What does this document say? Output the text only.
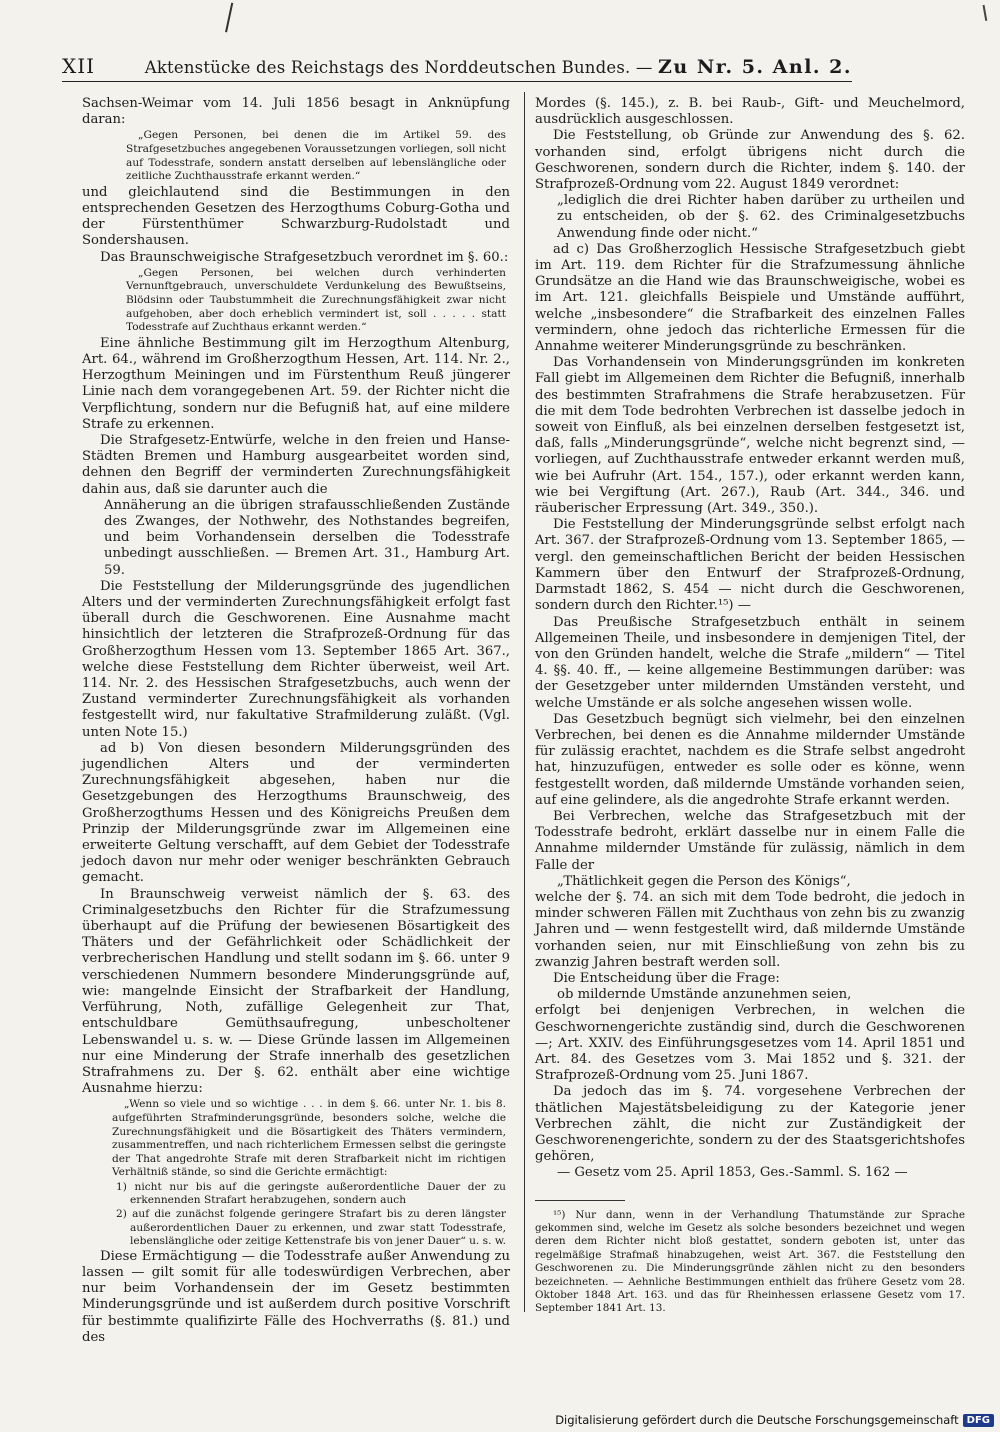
XII	Aktenstücke des Reichstags des Norddeutschen Bundes. — Zu Nr. 5. Anl. 2.

Sachsen-Weimar vom 14. Juli 1856 besagt in Anknüpfung daran:

„Gegen Personen, bei denen die im Artikel 59. des Strafgesetzbuches angegebenen Voraussetzungen vorliegen, soll nicht auf Todesstrafe, sondern anstatt derselben auf lebenslängliche oder zeitliche Zuchthausstrafe erkannt werden.“

und gleichlautend sind die Bestimmungen in den entsprechenden Gesetzen des Herzogthums Coburg-Gotha und der Fürstenthümer Schwarzburg-Rudolstadt und Sondershausen.

Das Braunschweigische Strafgesetzbuch verordnet im §. 60.:

„Gegen Personen, bei welchen durch verhinderten Vernunftgebrauch, unverschuldete Verdunkelung des Bewußtseins, Blödsinn oder Taubstummheit die Zurechnungsfähigkeit zwar nicht aufgehoben, aber doch erheblich vermindert ist, soll . . . . . statt Todesstrafe auf Zuchthaus erkannt werden.“

Eine ähnliche Bestimmung gilt im Herzogthum Altenburg, Art. 64., während im Großherzogthum Hessen, Art. 114. Nr. 2., Herzogthum Meiningen und im Fürstenthum Reuß jüngerer Linie nach dem vorangegebenen Art. 59. der Richter nicht die Verpflichtung, sondern nur die Befugniß hat, auf eine mildere Strafe zu erkennen.

Die Strafgesetz-Entwürfe, welche in den freien und Hanse-Städten Bremen und Hamburg ausgearbeitet worden sind, dehnen den Begriff der verminderten Zurechnungsfähigkeit dahin aus, daß sie darunter auch die

Annäherung an die übrigen strafausschließenden Zustände des Zwanges, der Nothwehr, des Nothstandes begreifen, und beim Vorhandensein derselben die Todesstrafe unbedingt ausschließen. — Bremen Art. 31., Hamburg Art. 59.

Die Feststellung der Milderungsgründe des jugendlichen Alters und der verminderten Zurechnungsfähigkeit erfolgt fast überall durch die Geschworenen. Eine Ausnahme macht hinsichtlich der letzteren die Strafprozeß-Ordnung für das Großherzogthum Hessen vom 13. September 1865 Art. 367., welche diese Feststellung dem Richter überweist, weil Art. 114. Nr. 2. des Hessischen Strafgesetzbuchs, auch wenn der Zustand verminderter Zurechnungsfähigkeit als vorhanden festgestellt wird, nur fakultative Strafmilderung zuläßt. (Vgl. unten Note 15.)

ad b) Von diesen besondern Milderungsgründen des jugendlichen Alters und der verminderten Zurechnungsfähigkeit abgesehen, haben nur die Gesetzgebungen des Herzogthums Braunschweig, des Großherzogthums Hessen und des Königreichs Preußen dem Prinzip der Milderungsgründe zwar im Allgemeinen eine erweiterte Geltung verschafft, auf dem Gebiet der Todesstrafe jedoch davon nur mehr oder weniger beschränkten Gebrauch gemacht.

In Braunschweig verweist nämlich der §. 63. des Criminalgesetzbuchs den Richter für die Strafzumessung überhaupt auf die Prüfung der bewiesenen Bösartigkeit des Thäters und der Gefährlichkeit oder Schädlichkeit der verbrecherischen Handlung und stellt sodann im §. 66. unter 9 verschiedenen Nummern besondere Minderungsgründe auf, wie: mangelnde Einsicht der Strafbarkeit der Handlung, Verführung, Noth, zufällige Gelegenheit zur That, entschuldbare Gemüthsaufregung, unbescholtener Lebenswandel u. s. w. — Diese Gründe lassen im Allgemeinen nur eine Minderung der Strafe innerhalb des gesetzlichen Strafrahmens zu. Der §. 62. enthält aber eine wichtige Ausnahme hierzu:

„Wenn so viele und so wichtige . . . in dem §. 66. unter Nr. 1. bis 8. aufgeführten Strafminderungsgründe, besonders solche, welche die Zurechnungsfähigkeit und die Bösartigkeit des Thäters vermindern, zusammentreffen, und nach richterlichem Ermessen selbst die geringste der That angedrohte Strafe mit deren Strafbarkeit nicht im richtigen Verhältniß stände, so sind die Gerichte ermächtigt:
1) nicht nur bis auf die geringste außerordentliche Dauer der zu erkennenden Strafart herabzugehen, sondern auch
2) auf die zunächst folgende geringere Strafart bis zu deren längster außerordentlichen Dauer zu erkennen, und zwar statt Todesstrafe, lebenslängliche oder zeitige Kettenstrafe bis von jener Dauer“ u. s. w.

Diese Ermächtigung — die Todesstrafe außer Anwendung zu lassen — gilt somit für alle todeswürdigen Verbrechen, aber nur beim Vorhandensein der im Gesetz bestimmten Minderungsgründe und ist außerdem durch positive Vorschrift für bestimmte qualifizirte Fälle des Hochverraths (§. 81.) und des

Mordes (§. 145.), z. B. bei Raub-, Gift- und Meuchelmord, ausdrücklich ausgeschlossen.

Die Feststellung, ob Gründe zur Anwendung des §. 62. vorhanden sind, erfolgt übrigens nicht durch die Geschworenen, sondern durch die Richter, indem §. 140. der Strafprozeß-Ordnung vom 22. August 1849 verordnet:

„lediglich die drei Richter haben darüber zu urtheilen und zu entscheiden, ob der §. 62. des Criminalgesetzbuchs Anwendung finde oder nicht.“

ad c) Das Großherzoglich Hessische Strafgesetzbuch giebt im Art. 119. dem Richter für die Strafzumessung ähnliche Grundsätze an die Hand wie das Braunschweigische, wobei es im Art. 121. gleichfalls Beispiele und Umstände aufführt, welche „insbesondere“ die Strafbarkeit des einzelnen Falles vermindern, ohne jedoch das richterliche Ermessen für die Annahme weiterer Minderungsgründe zu beschränken.

Das Vorhandensein von Minderungsgründen im konkreten Fall giebt im Allgemeinen dem Richter die Befugniß, innerhalb des bestimmten Strafrahmens die Strafe herabzusetzen. Für die mit dem Tode bedrohten Verbrechen ist dasselbe jedoch in soweit von Einfluß, als bei einzelnen derselben festgesetzt ist, daß, falls „Minderungsgründe“, welche nicht begrenzt sind, — vorliegen, auf Zuchthausstrafe entweder erkannt werden muß, wie bei Aufruhr (Art. 154., 157.), oder erkannt werden kann, wie bei Vergiftung (Art. 267.), Raub (Art. 344., 346. und räuberischer Erpressung (Art. 349., 350.).

Die Feststellung der Minderungsgründe selbst erfolgt nach Art. 367. der Strafprozeß-Ordnung vom 13. September 1865, — vergl. den gemeinschaftlichen Bericht der beiden Hessischen Kammern über den Entwurf der Strafprozeß-Ordnung, Darmstadt 1862, S. 454 — nicht durch die Geschworenen, sondern durch den Richter.¹⁵) —

Das Preußische Strafgesetzbuch enthält in seinem Allgemeinen Theile, und insbesondere in demjenigen Titel, der von den Gründen handelt, welche die Strafe „mildern“ — Titel 4. §§. 40. ff., — keine allgemeine Bestimmungen darüber: was der Gesetzgeber unter mildernden Umständen versteht, und welche Umstände er als solche angesehen wissen wolle.

Das Gesetzbuch begnügt sich vielmehr, bei den einzelnen Verbrechen, bei denen es die Annahme mildernder Umstände für zulässig erachtet, nachdem es die Strafe selbst angedroht hat, hinzuzufügen, entweder es solle oder es könne, wenn festgestellt worden, daß mildernde Umstände vorhanden seien, auf eine gelindere, als die angedrohte Strafe erkannt werden.

Bei Verbrechen, welche das Strafgesetzbuch mit der Todesstrafe bedroht, erklärt dasselbe nur in einem Falle die Annahme mildernder Umstände für zulässig, nämlich in dem Falle der

„Thätlichkeit gegen die Person des Königs“,

welche der §. 74. an sich mit dem Tode bedroht, die jedoch in minder schweren Fällen mit Zuchthaus von zehn bis zu zwanzig Jahren und — wenn festgestellt wird, daß mildernde Umstände vorhanden seien, nur mit Einschließung von zehn bis zu zwanzig Jahren bestraft werden soll.

Die Entscheidung über die Frage:

ob mildernde Umstände anzunehmen seien,

erfolgt bei denjenigen Verbrechen, in welchen die Geschwornengerichte zuständig sind, durch die Geschworenen —; Art. XXIV. des Einführungsgesetzes vom 14. April 1851 und Art. 84. des Gesetzes vom 3. Mai 1852 und §. 321. der Strafprozeß-Ordnung vom 25. Juni 1867.

Da jedoch das im §. 74. vorgesehene Verbrechen der thätlichen Majestätsbeleidigung zu der Kategorie jener Verbrechen zählt, die nicht zur Zuständigkeit der Geschworenengerichte, sondern zu der des Staatsgerichtshofes gehören,

— Gesetz vom 25. April 1853, Ges.-Samml. S. 162 —
¹⁵) Nur dann, wenn in der Verhandlung Thatumstände zur Sprache gekommen sind, welche im Gesetz als solche besonders bezeichnet und wegen deren dem Richter nicht bloß gestattet, sondern geboten ist, unter das regelmäßige Strafmaß hinabzugehen, weist Art. 367. die Feststellung den Geschworenen zu. Die Minderungsgründe zählen nicht zu den besonders bezeichneten. — Aehnliche Bestimmungen enthielt das frühere Gesetz vom 28. Oktober 1848 Art. 163. und das für Rheinhessen erlassene Gesetz vom 17. September 1841 Art. 13.
Digitalisierung gefördert durch die Deutsche Forschungsgemeinschaft DFG
